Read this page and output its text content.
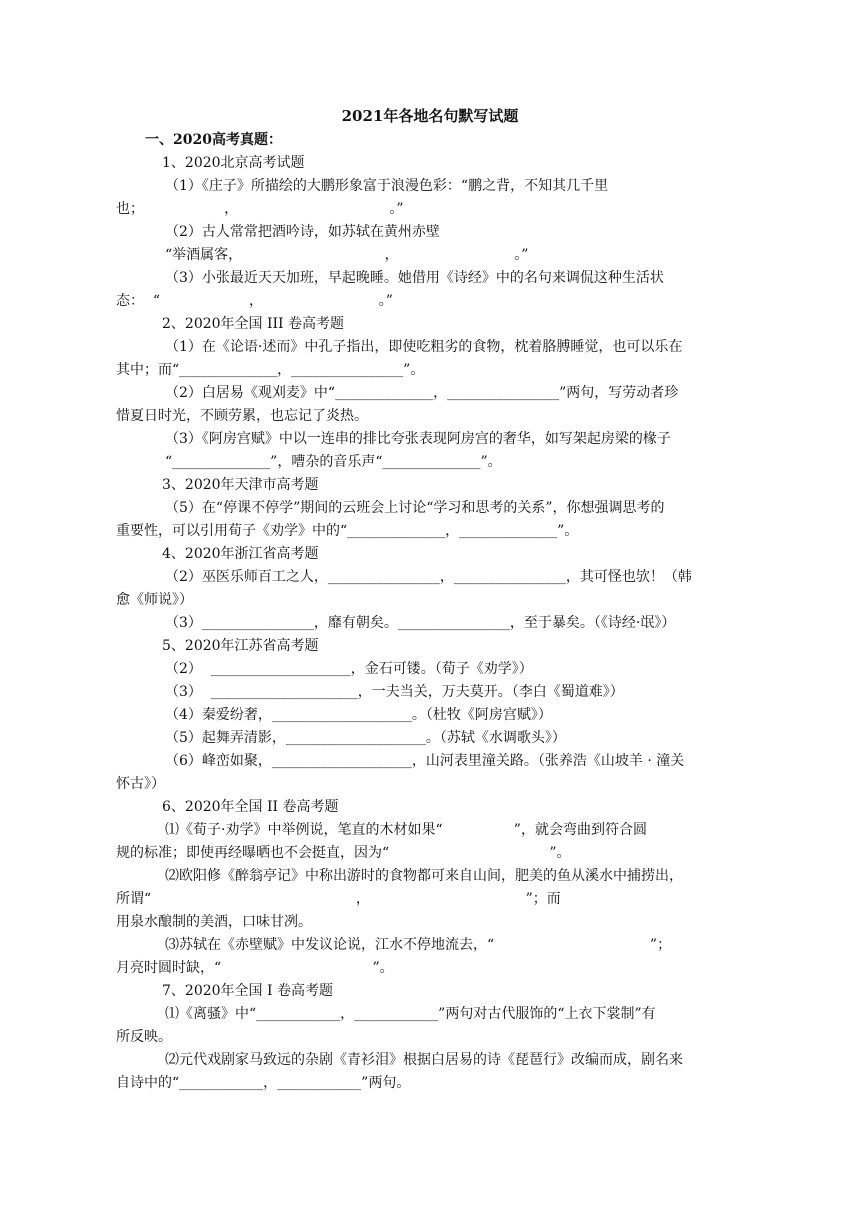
2021年各地名句默写试题
一、2020高考真题：
1、2020北京高考试题
（1）《庄子》所描绘的大鹏形象富于浪漫色彩：“鹏之背，不知其几千里
也；                  ，                                  。”
（2）古人常常把酒吟诗，如苏轼在黄州赤壁
“举酒属客，                                ，                          。”
（3）小张最近天天加班，早起晚睡。她借用《诗经》中的名句来调侃这种生活状
态：  “                    ，                          。”
2、2020年全国 III 卷高考题
（1）在《论语·述而》中孔子指出，即使吃粗劣的食物，枕着胳膊睡觉，也可以乐在
其中；而“______________，________________”。
（2）白居易《观刈麦》中“______________，________________”两句，写劳动者珍
惜夏日时光，不顾劳累，也忘记了炎热。
（3）《阿房宫赋》中以一连串的排比夸张表现阿房宫的奢华，如写架起房梁的椽子
“______________”，嘈杂的音乐声“______________”。
3、2020年天津市高考题
（5）在“停课不停学”期间的云班会上讨论“学习和思考的关系”，你想强调思考的
重要性，可以引用荀子《劝学》中的“______________，______________”。
4、2020年浙江省高考题
（2）巫医乐师百工之人，________________，________________，其可怪也欤！（韩
愈《师说》）
（3）________________，靡有朝矣。________________，至于暴矣。（《诗经·氓》）
5、2020年江苏省高考题
（2）  ____________________，金石可镂。（荀子《劝学》）
（3）  _____________________，一夫当关，万夫莫开。（李白《蜀道难》）
（4）秦爱纷奢，____________________。（杜牧《阿房宫赋》）
（5）起舞弄清影，____________________。（苏轼《水调歌头》）
（6）峰峦如聚，____________________，山河表里潼关路。（张养浩《山坡羊 · 潼关
怀古》）
6、2020年全国 II 卷高考题
⑴《荀子·劝学》中举例说，笔直的木材如果“                ”，就会弯曲到符合圆
规的标准；即使再经曝晒也不会挺直，因为“                                    ”。
⑵欧阳修《醉翁亭记》中称出游时的食物都可来自山间，肥美的鱼从溪水中捕捞出，
所谓“                                              ，                                   ”；而
用泉水酿制的美酒，口味甘冽。
⑶苏轼在《赤壁赋》中发议论说，江水不停地流去，“                                   ”；
月亮时圆时缺，“                                  ”。
7、2020年全国 I 卷高考题
⑴《离骚》中“____________，____________”两句对古代服饰的“上衣下裳制”有
所反映。
⑵元代戏剧家马致远的杂剧《青衫泪》根据白居易的诗《琵琶行》改编而成，剧名来
自诗中的“____________，____________”两句。
